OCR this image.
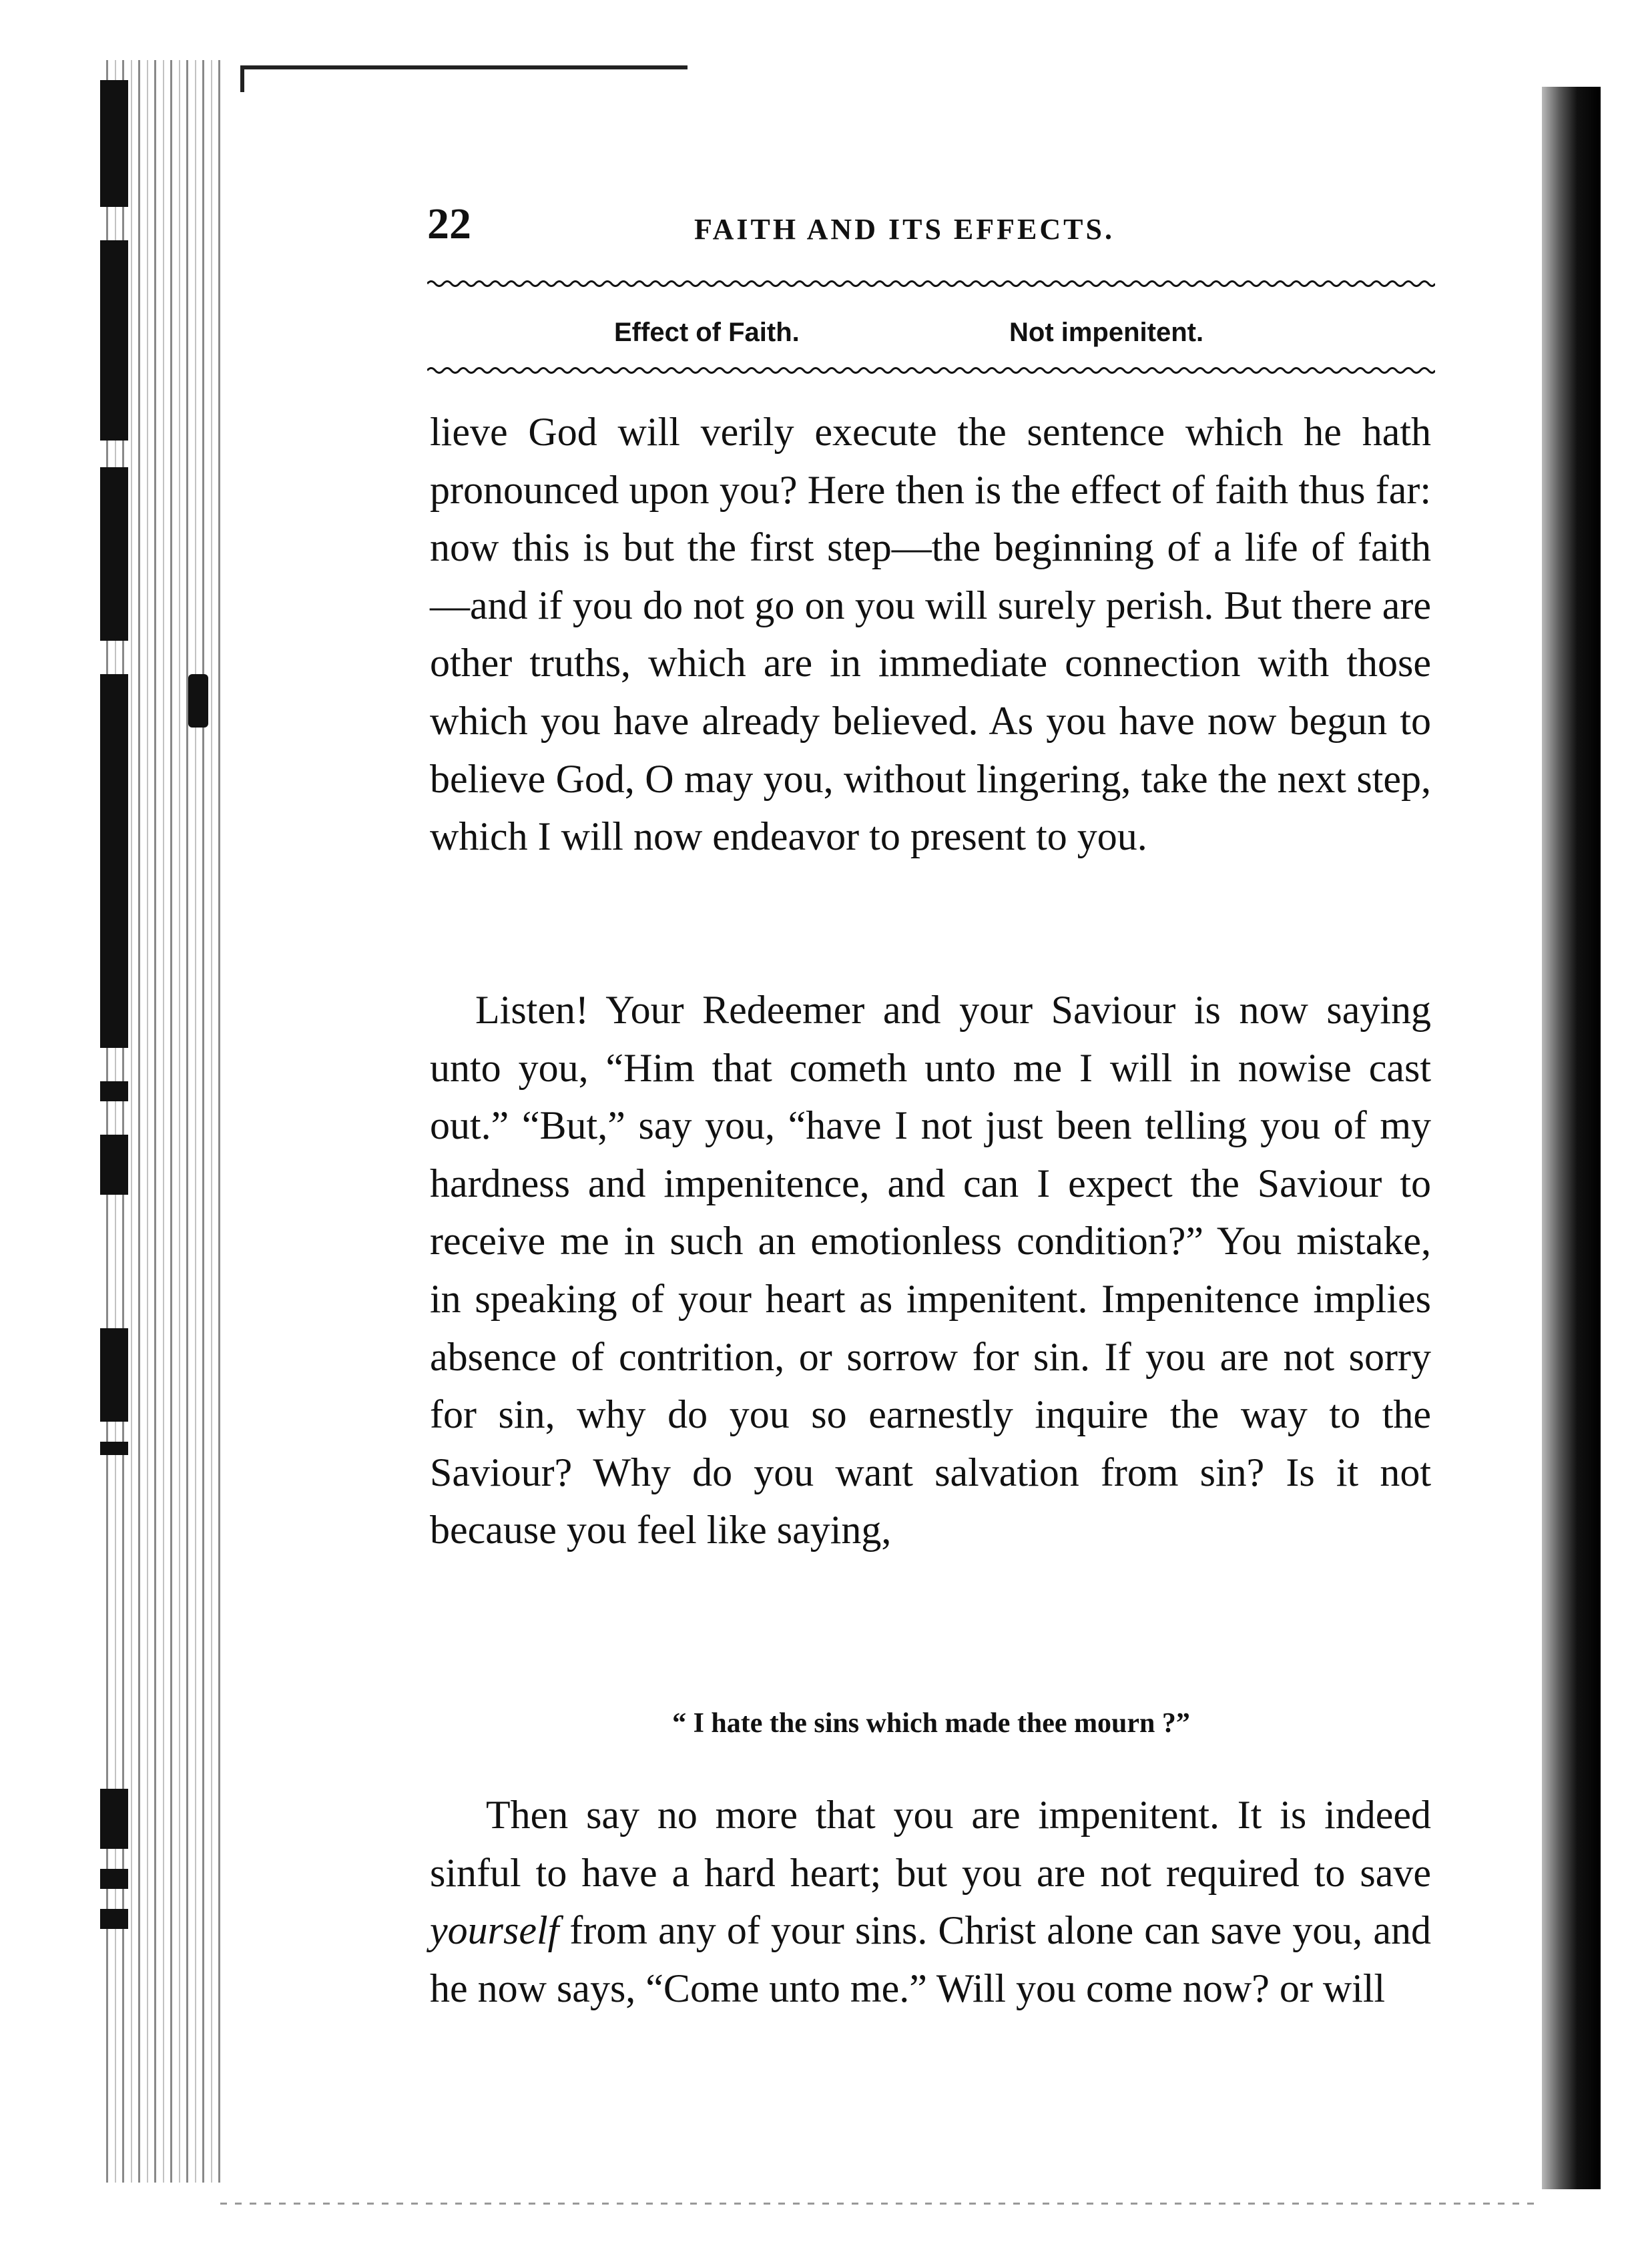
22	FAITH AND ITS EFFECTS.
Effect of Faith.	Not impenitent.

lieve God will verily execute the sentence which he hath pronounced upon you? Here then is the effect of faith thus far: now this is but the first step—the beginning of a life of faith—and if you do not go on you will surely perish. But there are other truths, which are in immediate connection with those which you have already believed. As you have now begun to believe God, O may you, without lingering, take the next step, which I will now endeavor to present to you.

Listen! Your Redeemer and your Saviour is now saying unto you, “Him that cometh unto me I will in nowise cast out.” “But,” say you, “have I not just been telling you of my hardness and impenitence, and can I expect the Saviour to receive me in such an emotionless condition?” You mistake, in speaking of your heart as impenitent. Impenitence implies absence of contrition, or sorrow for sin. If you are not sorry for sin, why do you so earnestly inquire the way to the Saviour? Why do you want salvation from sin? Is it not because you feel like saying,

“ I hate the sins which made thee mourn ?”

Then say no more that you are impenitent. It is indeed sinful to have a hard heart; but you are not required to save yourself from any of your sins. Christ alone can save you, and he now says, “Come unto me.” Will you come now? or will
